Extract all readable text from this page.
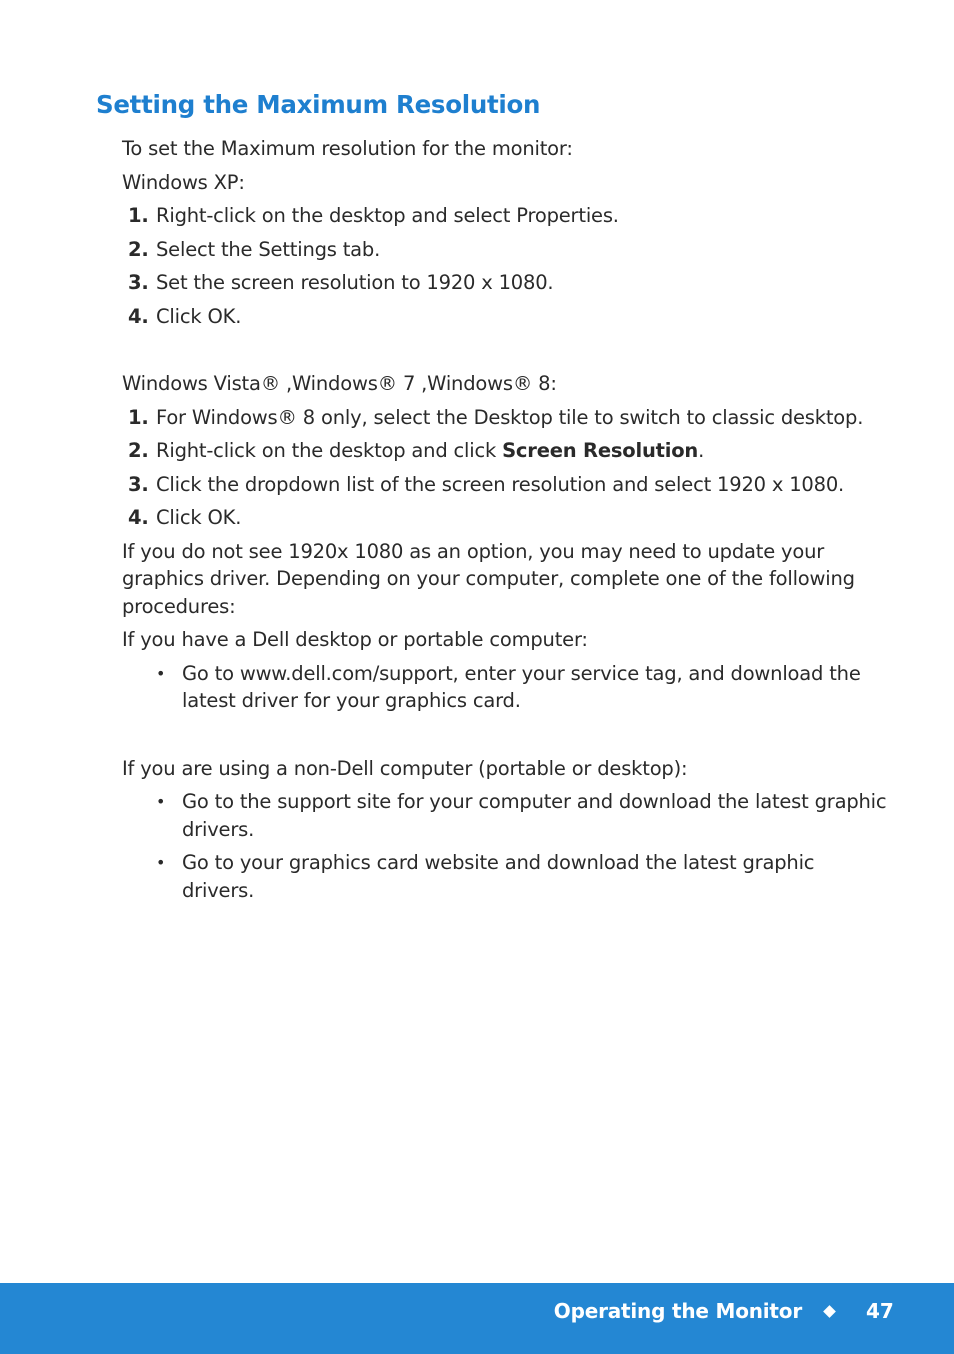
Setting the Maximum Resolution

To set the Maximum resolution for the monitor:

Windows XP:

1. Right-click on the desktop and select Properties.
2. Select the Settings tab.
3. Set the screen resolution to 1920 x 1080.
4. Click OK.

Windows Vista® ,Windows® 7 ,Windows® 8:

1. For Windows® 8 only, select the Desktop tile to switch to classic desktop.
2. Right-click on the desktop and click Screen Resolution.
3. Click the dropdown list of the screen resolution and select 1920 x 1080.
4. Click OK.

If you do not see 1920x 1080 as an option, you may need to update your graphics driver. Depending on your computer, complete one of the following procedures:

If you have a Dell desktop or portable computer:

• Go to www.dell.com/support, enter your service tag, and download the latest driver for your graphics card.

If you are using a non-Dell computer (portable or desktop):

• Go to the support site for your computer and download the latest graphic drivers.
• Go to your graphics card website and download the latest graphic drivers.
Operating the Monitor	47
